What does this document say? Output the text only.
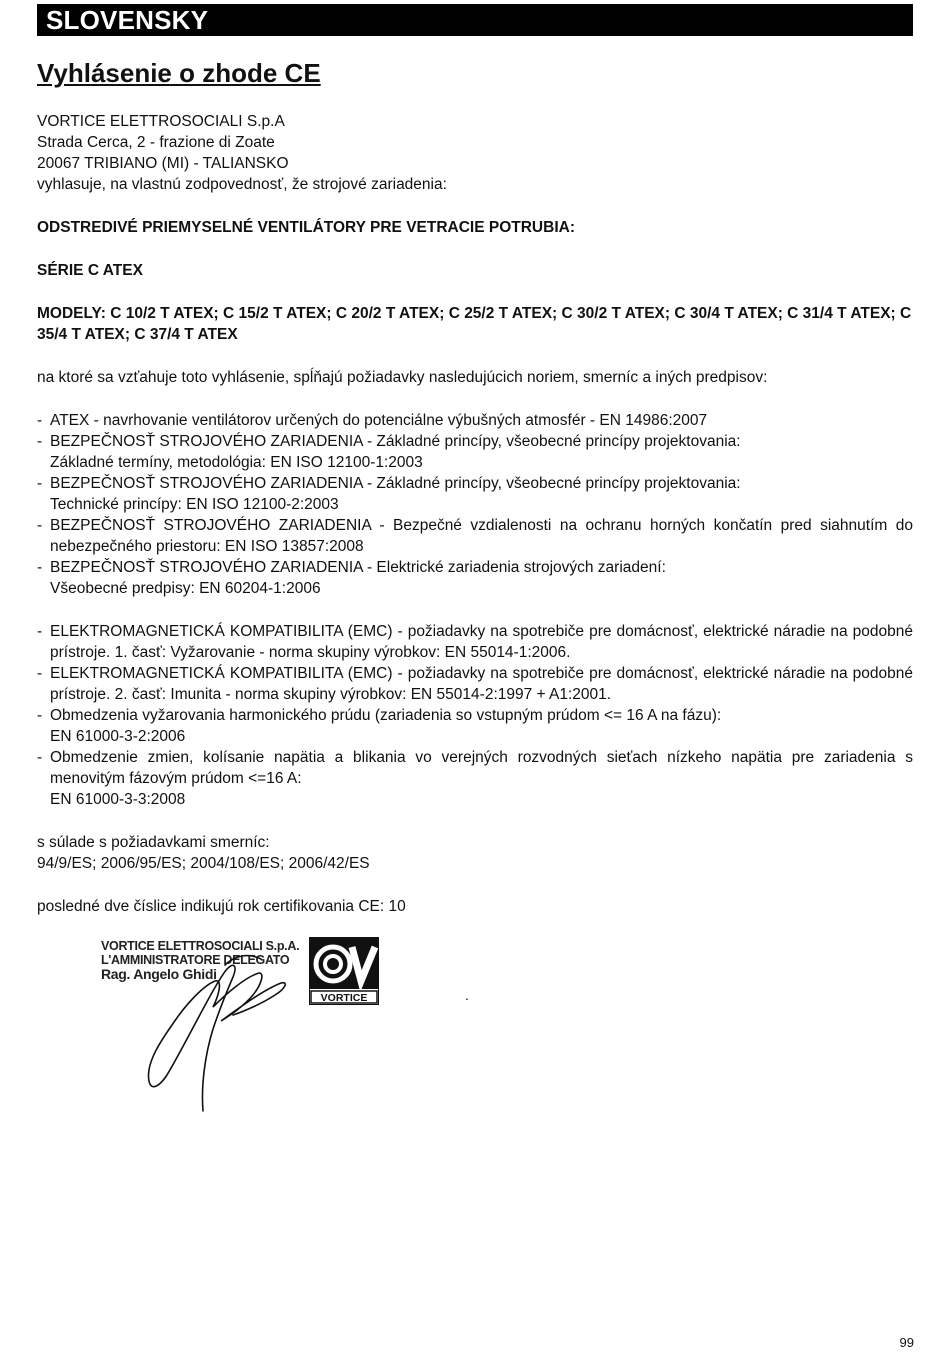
SLOVENSKY
Vyhlásenie o zhode CE
VORTICE ELETTROSOCIALI S.p.A
Strada Cerca, 2 - frazione di Zoate
20067 TRIBIANO (MI) - TALIANSKO
vyhlasuje, na vlastnú zodpovednosť, že strojové zariadenia:
ODSTREDIVÉ PRIEMYSELNÉ VENTILÁTORY PRE VETRACIE POTRUBIA:
SÉRIE C ATEX
MODELY: C 10/2 T ATEX; C 15/2 T ATEX; C 20/2 T ATEX; C 25/2 T ATEX; C 30/2 T ATEX; C 30/4 T ATEX; C 31/4 T ATEX; C 35/4 T ATEX; C 37/4 T ATEX
na ktoré sa vzťahuje toto vyhlásenie, spĺňajú požiadavky nasledujúcich noriem, smerníc a iných predpisov:
- ATEX - navrhovanie ventilátorov určených do potenciálne výbušných atmosfér - EN 14986:2007
- BEZPEČNOSŤ STROJOVÉHO ZARIADENIA - Základné princípy, všeobecné princípy projektovania:
Základné termíny, metodológia: EN ISO 12100-1:2003
- BEZPEČNOSŤ STROJOVÉHO ZARIADENIA - Základné princípy, všeobecné princípy projektovania:
Technické princípy: EN ISO 12100-2:2003
- BEZPEČNOSŤ STROJOVÉHO ZARIADENIA - Bezpečné vzdialenosti na ochranu horných končatín pred siahnutím do nebezpečného priestoru: EN ISO 13857:2008
- BEZPEČNOSŤ STROJOVÉHO ZARIADENIA - Elektrické zariadenia strojových zariadení:
Všeobecné predpisy: EN 60204-1:2006
- ELEKTROMAGNETICKÁ KOMPATIBILITA (EMC) - požiadavky na spotrebiče pre domácnosť, elektrické náradie na podobné prístroje. 1. časť: Vyžarovanie - norma skupiny výrobkov: EN 55014-1:2006.
- ELEKTROMAGNETICKÁ KOMPATIBILITA (EMC) - požiadavky na spotrebiče pre domácnosť, elektrické náradie na podobné prístroje. 2. časť: Imunita - norma skupiny výrobkov: EN 55014-2:1997 + A1:2001.
- Obmedzenia vyžarovania harmonického prúdu (zariadenia so vstupným prúdom <= 16 A na fázu):
EN 61000-3-2:2006
- Obmedzenie zmien, kolísanie napätia a blikania vo verejných rozvodných sieťach nízkeho napätia pre zariadenia s menovitým fázovým prúdom <=16 A:
EN 61000-3-3:2008
s súlade s požiadavkami smerníc:
94/9/ES; 2006/95/ES; 2004/108/ES; 2006/42/ES
posledné dve číslice indikujú rok certifikovania CE: 10
VORTICE ELETTROSOCIALI S.p.A.
L'AMMINISTRATORE DELEGATO
Rag. Angelo Ghidi
VORTICE	.
99
